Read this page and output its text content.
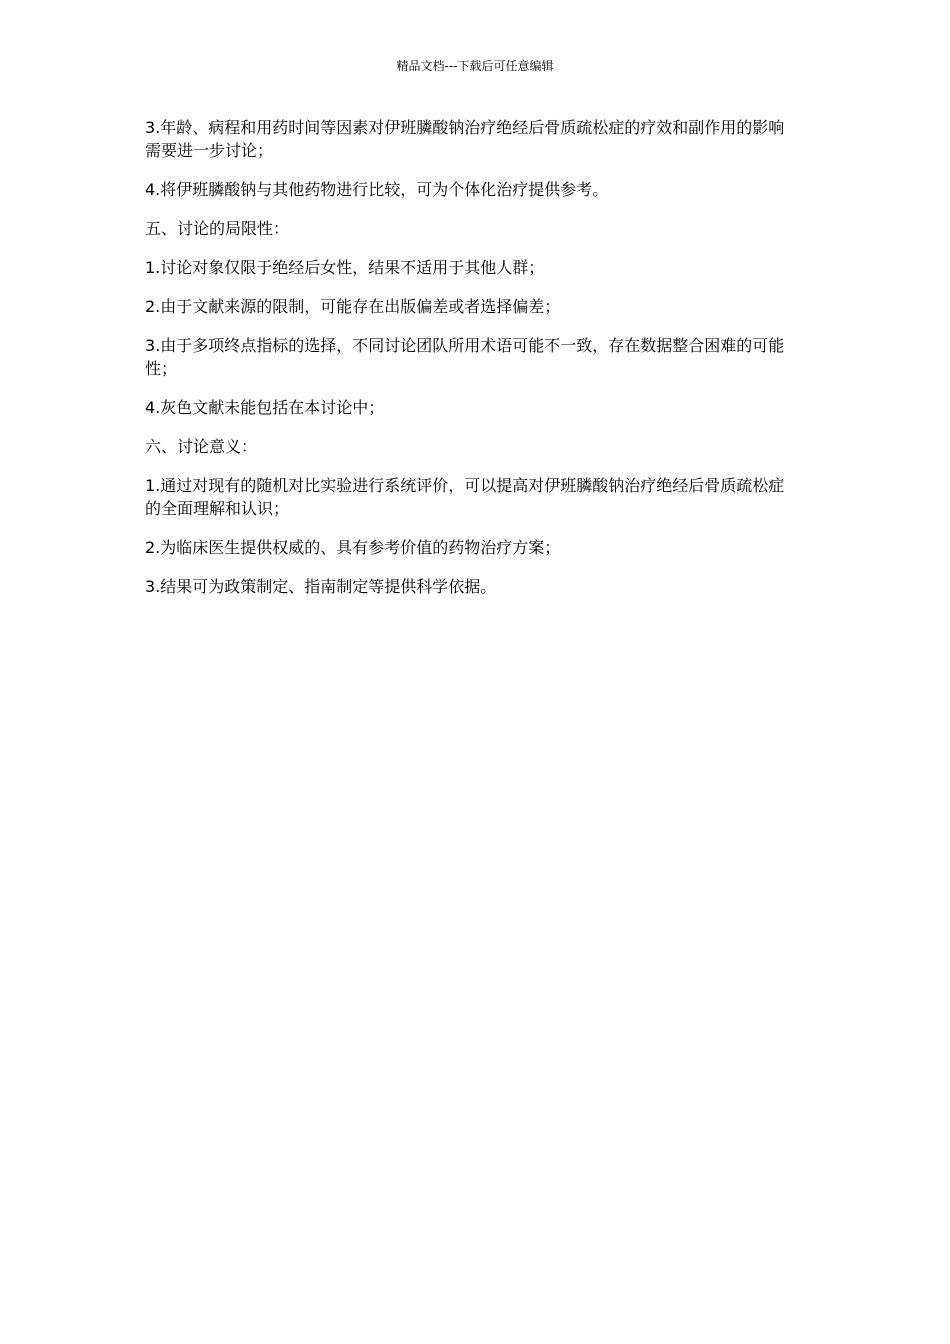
精品文档---下载后可任意编辑

3.年龄、病程和用药时间等因素对伊班膦酸钠治疗绝经后骨质疏松症的疗效和副作用的影响需要进一步讨论；

4.将伊班膦酸钠与其他药物进行比较，可为个体化治疗提供参考。

五、讨论的局限性：

1.讨论对象仅限于绝经后女性，结果不适用于其他人群；

2.由于文献来源的限制，可能存在出版偏差或者选择偏差；

3.由于多项终点指标的选择，不同讨论团队所用术语可能不一致，存在数据整合困难的可能性；

4.灰色文献未能包括在本讨论中；

六、讨论意义：

1.通过对现有的随机对比实验进行系统评价，可以提高对伊班膦酸钠治疗绝经后骨质疏松症的全面理解和认识；

2.为临床医生提供权威的、具有参考价值的药物治疗方案；

3.结果可为政策制定、指南制定等提供科学依据。
